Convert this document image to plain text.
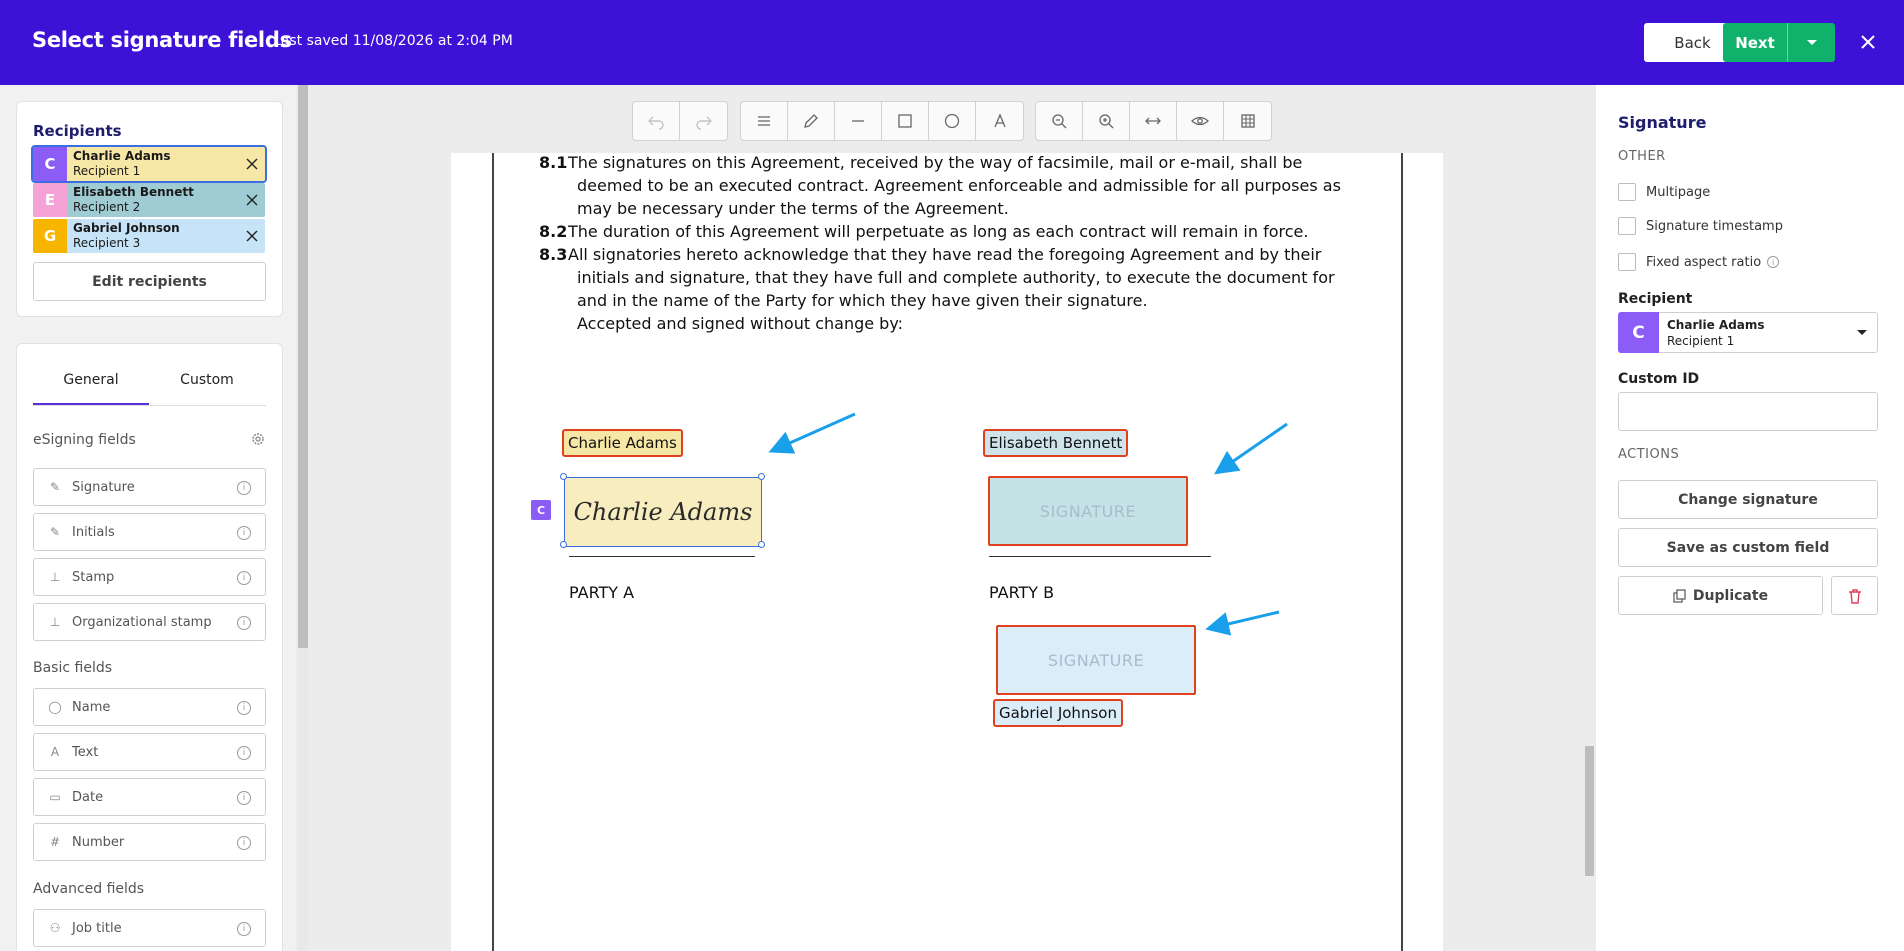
Select signature fields
Last saved 11/08/2026 at 2:04 PM	Back	Next
Recipients
C	Charlie Adams
Recipient 1
E	Elisabeth Bennett
Recipient 2
G	Gabriel Johnson
Recipient 3
Edit recipients
General	Custom
eSigning fields
✎ Signature	i
✎ Initials	i
⊥ Stamp	i
⊥ Organizational stamp	i
Basic fields
◯ Name	i
A Text	i
▭ Date	i
# Number	i
Advanced fields
⚇ Job title	i
8.1 The signatures on this Agreement, received by the way of facsimile, mail or e-mail, shall be
deemed to be an executed contract. Agreement enforceable and admissible for all purposes as
may be necessary under the terms of the Agreement.
8.2 The duration of this Agreement will perpetuate as long as each contract will remain in force.
8.3 All signatories hereto acknowledge that they have read the foregoing Agreement and by their
initials and signature, that they have full and complete authority, to execute the document for
and in the name of the Party for which they have given their signature.
Accepted and signed without change by:
Charlie Adams
C Charlie Adams
PARTY A
Elisabeth Bennett
SIGNATURE
PARTY B
SIGNATURE
Gabriel Johnson
Signature
OTHER
Multipage
Signature timestamp
Fixed aspect ratio	i
Recipient
C	Charlie Adams
Recipient 1
Custom ID
ACTIONS
Change signature
Save as custom field
Duplicate
